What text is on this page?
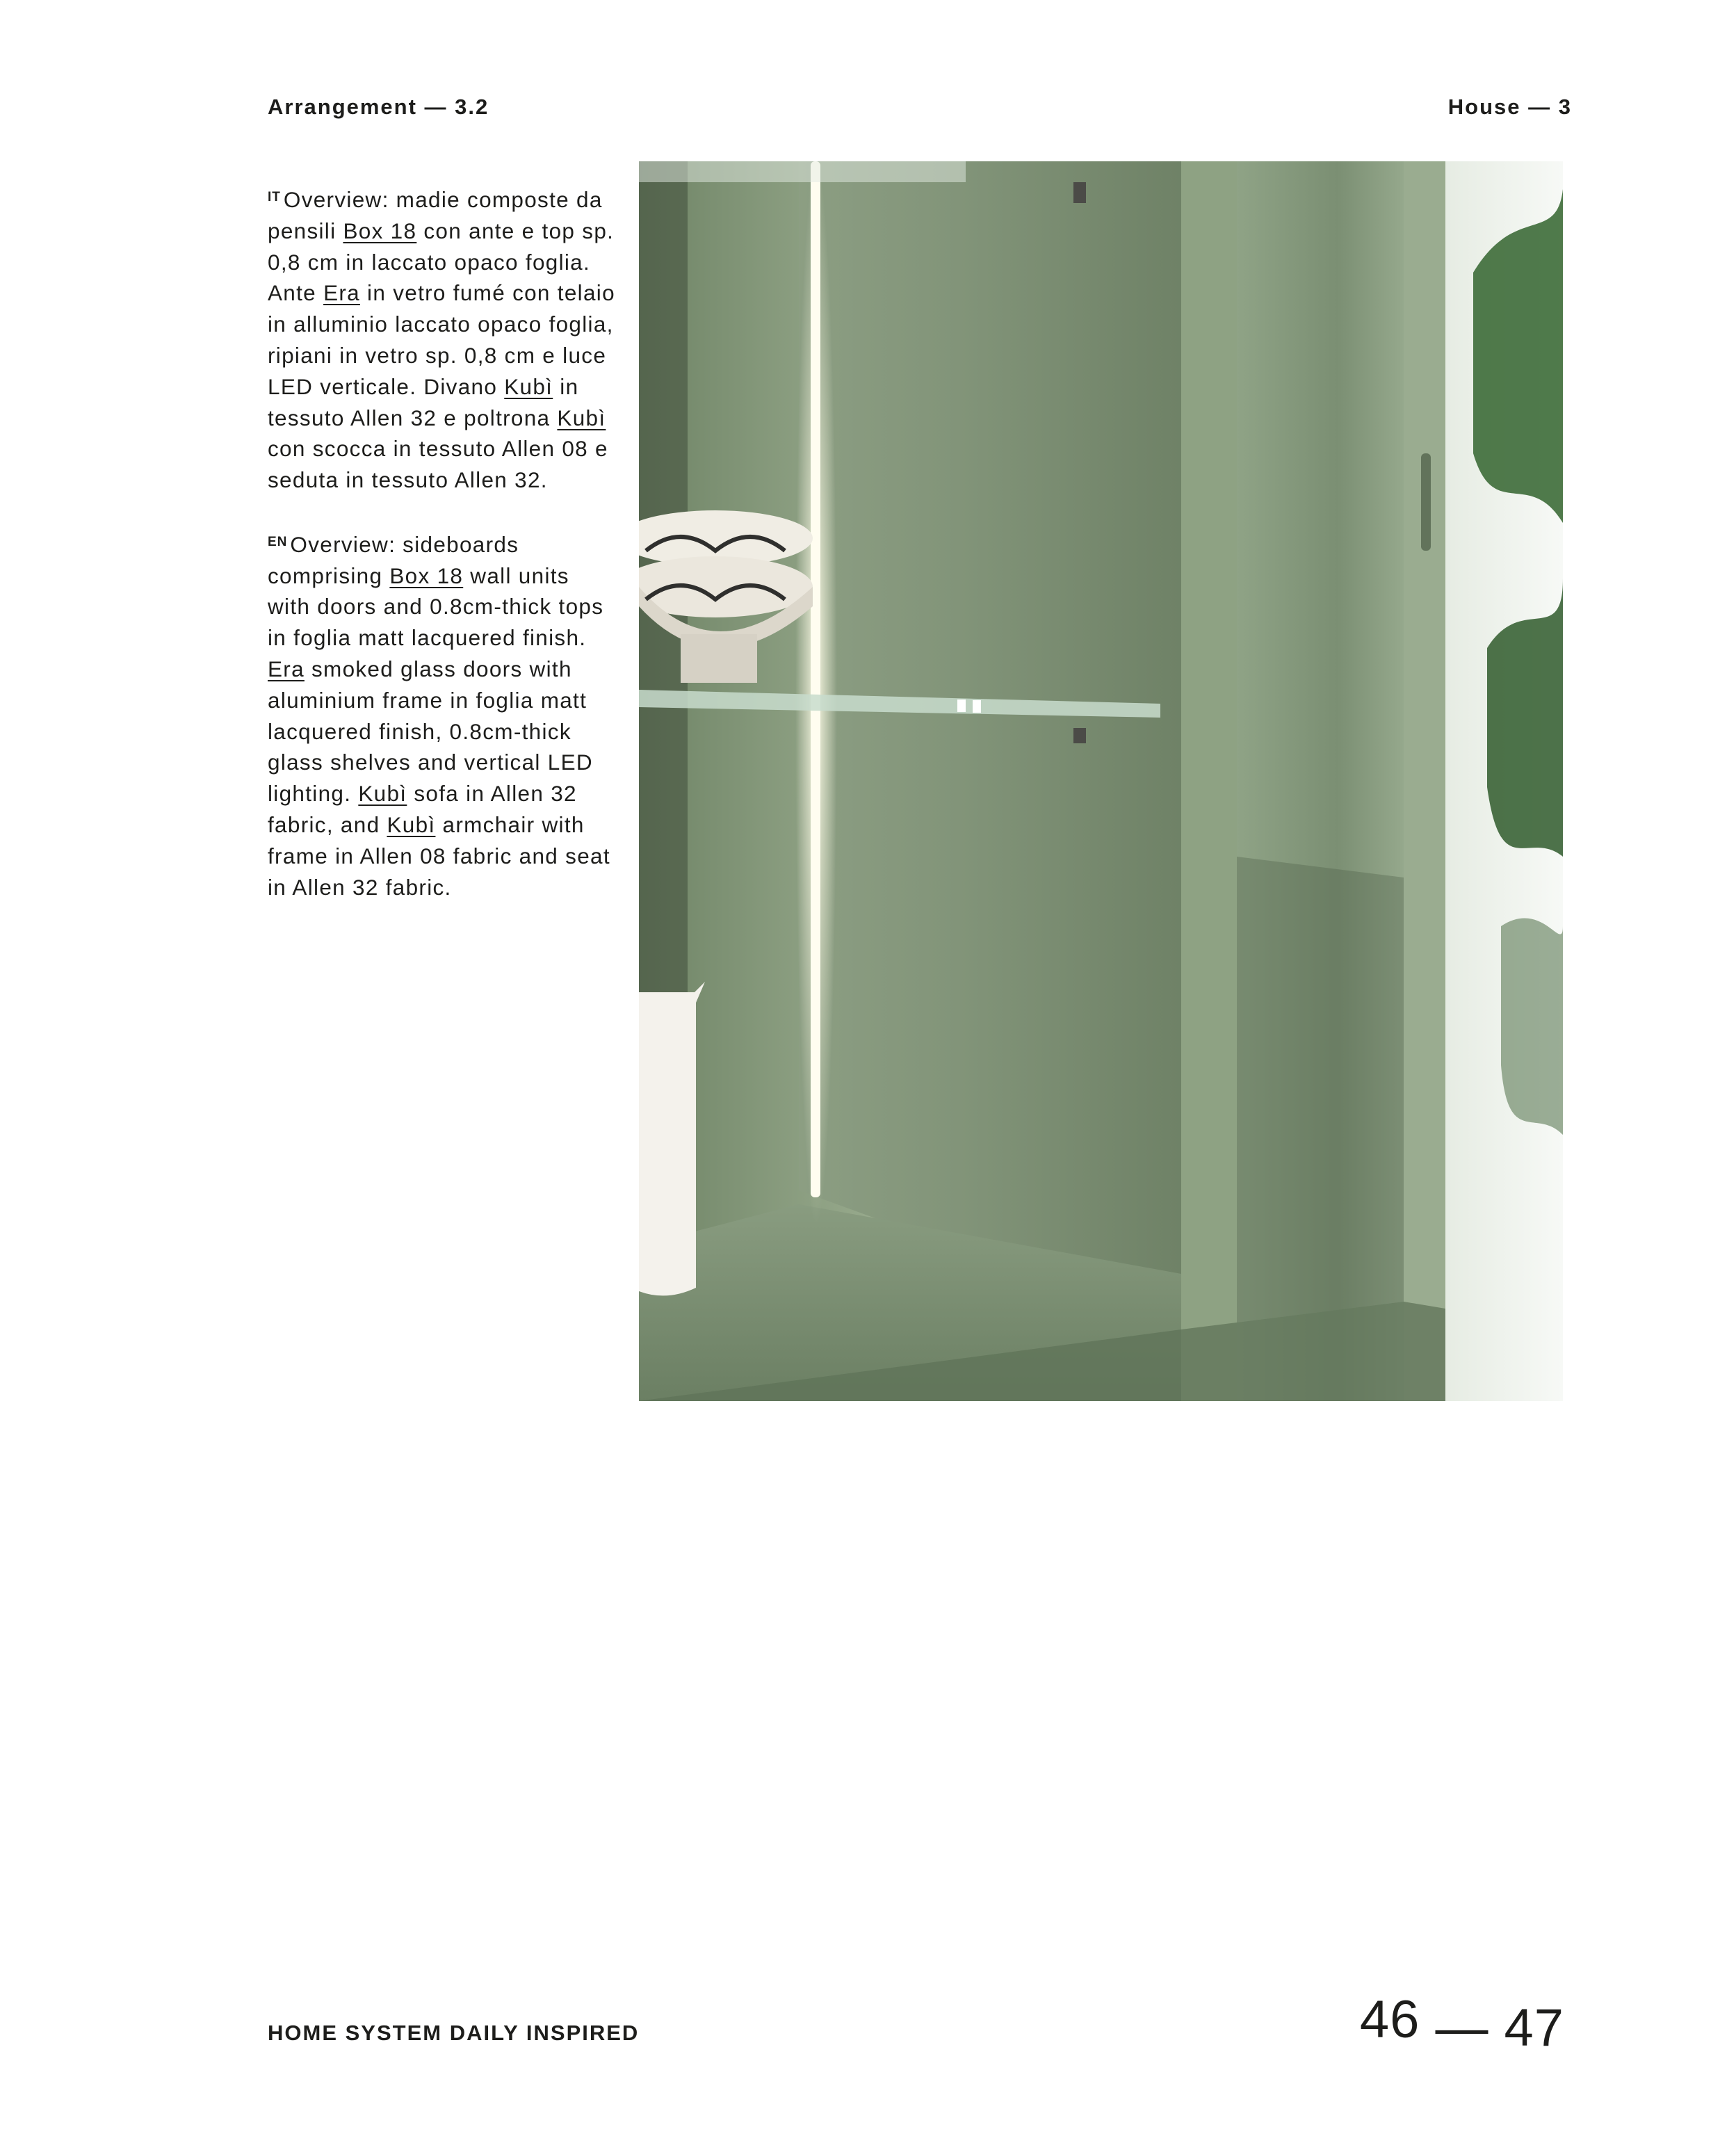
Arrangement — 3.2	House — 3

$^{IT}$ Overview: madie composte da pensili Box 18 con ante e top sp. 0,8 cm in laccato opaco foglia. Ante Era in vetro fumé con telaio in alluminio laccato opaco foglia, ripiani in vetro sp. 0,8 cm e luce LED verticale. Divano Kubì in tessuto Allen 32 e poltrona Kubì con scocca in tessuto Allen 08 e seduta in tessuto Allen 32.

$^{EN}$ Overview: sideboards comprising Box 18 wall units with doors and 0.8cm-thick tops in foglia matt lacquered finish. Era smoked glass doors with aluminium frame in foglia matt lacquered finish, 0.8cm-thick glass shelves and vertical LED lighting. Kubì sofa in Allen 32 fabric, and Kubì armchair with frame in Allen 08 fabric and seat in Allen 32 fabric.

HOME SYSTEM DAILY INSPIRED	46 — 47
